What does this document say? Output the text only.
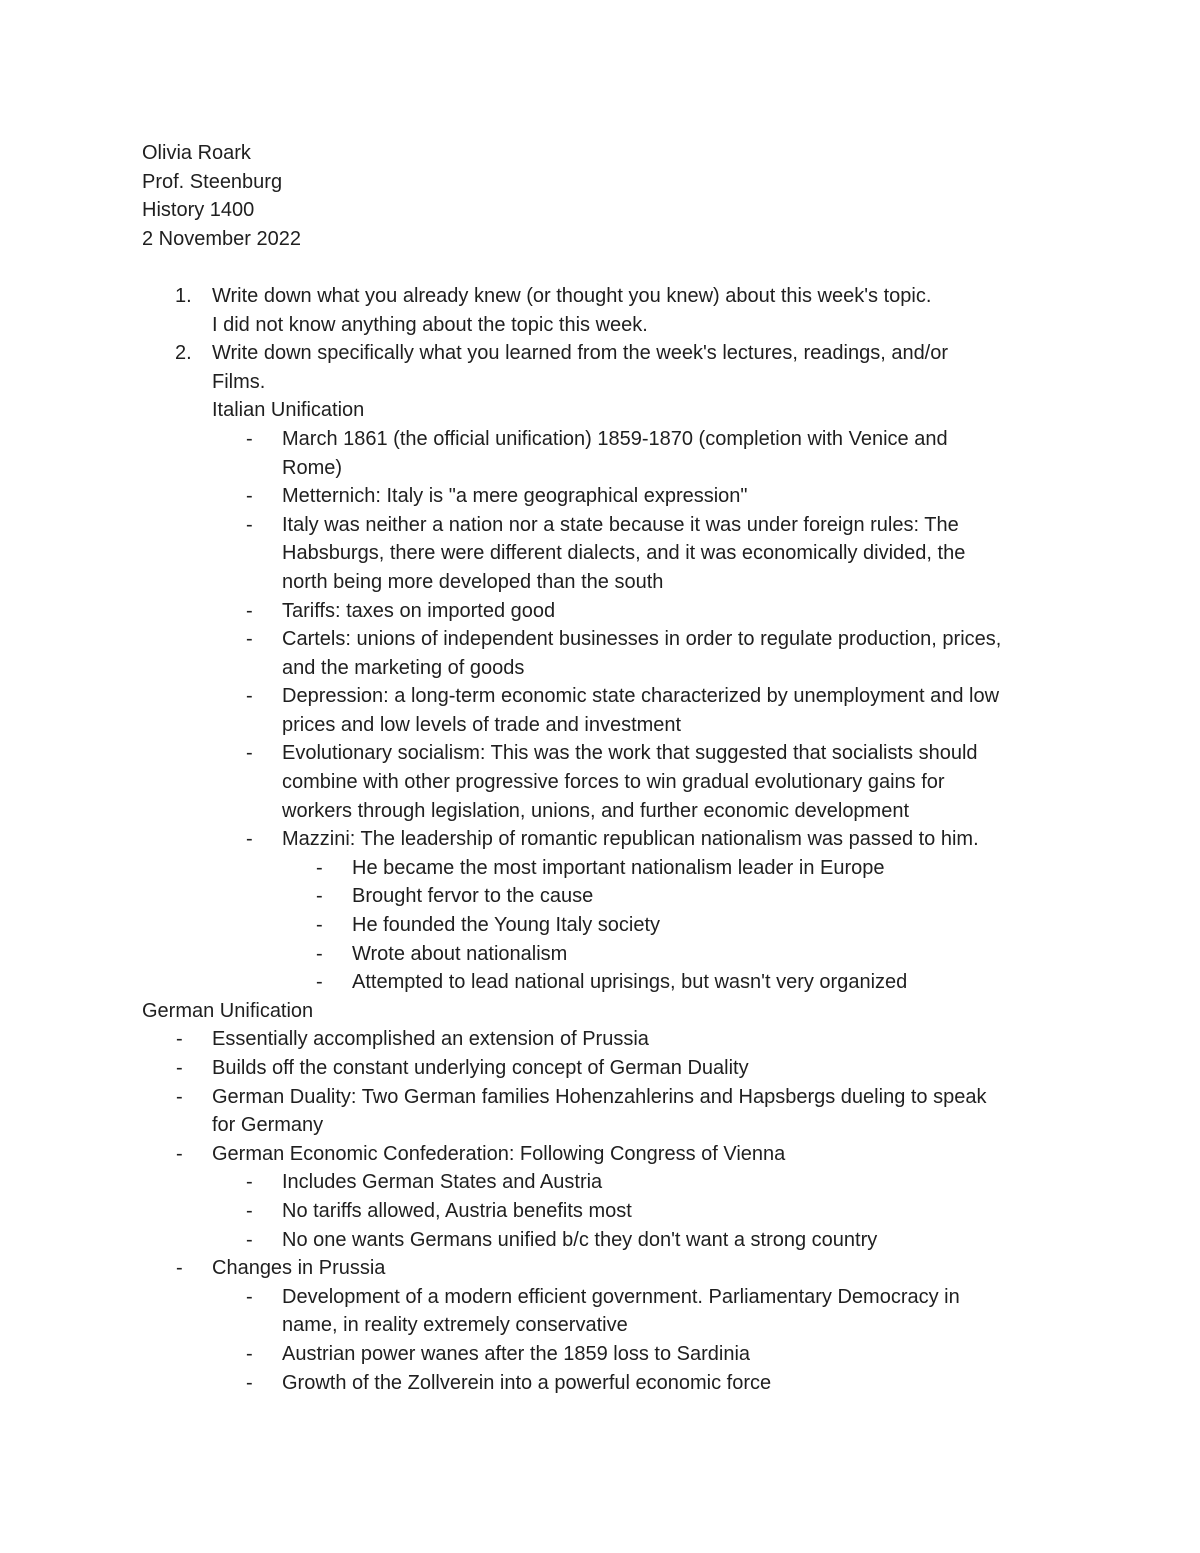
Olivia Roark
Prof. Steenburg
History 1400
2 November 2022
1. Write down what you already knew (or thought you knew) about this week's topic.
I did not know anything about the topic this week.
2. Write down specifically what you learned from the week's lectures, readings, and/or
Films.
Italian Unification
- March 1861 (the official unification) 1859-1870 (completion with Venice and
Rome)
- Metternich: Italy is "a mere geographical expression"
- Italy was neither a nation nor a state because it was under foreign rules: The
Habsburgs, there were different dialects, and it was economically divided, the
north being more developed than the south
- Tariffs: taxes on imported good
- Cartels: unions of independent businesses in order to regulate production, prices,
and the marketing of goods
- Depression: a long-term economic state characterized by unemployment and low
prices and low levels of trade and investment
- Evolutionary socialism: This was the work that suggested that socialists should
combine with other progressive forces to win gradual evolutionary gains for
workers through legislation, unions, and further economic development
- Mazzini: The leadership of romantic republican nationalism was passed to him.
- He became the most important nationalism leader in Europe
- Brought fervor to the cause
- He founded the Young Italy society
- Wrote about nationalism
- Attempted to lead national uprisings, but wasn't very organized
German Unification
- Essentially accomplished an extension of Prussia
- Builds off the constant underlying concept of German Duality
- German Duality: Two German families Hohenzahlerins and Hapsbergs dueling to speak
for Germany
- German Economic Confederation: Following Congress of Vienna
- Includes German States and Austria
- No tariffs allowed, Austria benefits most
- No one wants Germans unified b/c they don't want a strong country
- Changes in Prussia
- Development of a modern efficient government. Parliamentary Democracy in
name, in reality extremely conservative
- Austrian power wanes after the 1859 loss to Sardinia
- Growth of the Zollverein into a powerful economic force
